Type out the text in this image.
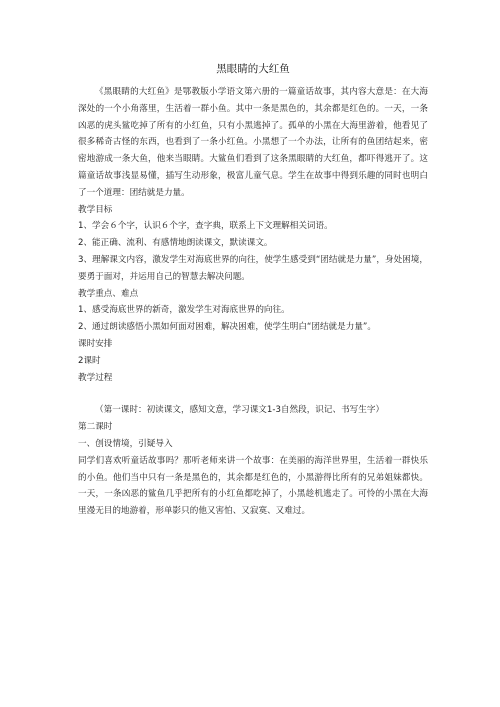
黑眼睛的大红鱼

《黑眼睛的大红鱼》是鄂教版小学语文第六册的一篇童话故事，其内容大意是：在大海深处的一个小角落里，生活着一群小鱼。其中一条是黑色的，其余都是红色的。一天，一条凶恶的虎头鲨吃掉了所有的小红鱼，只有小黑逃掉了。孤单的小黑在大海里游着，他看见了很多稀奇古怪的东西，也看到了一条小红鱼。小黑想了一个办法，让所有的鱼团结起来，密密地游成一条大鱼，他来当眼睛。大鲨鱼们看到了这条黑眼睛的大红鱼，都吓得逃开了。这篇童话故事浅显易懂，插写生动形象，极富儿童气息。学生在故事中得到乐趣的同时也明白了一个道理：团结就是力量。

教学目标

1、学会６个字，认识６个字，查字典，联系上下文理解相关词语。

2、能正确、流利、有感情地朗读课文，默读课文。

3、理解课文内容，激发学生对海底世界的向往，使学生感受到“团结就是力量”，身处困境，要勇于面对，并运用自己的智慧去解决问题。

教学重点、难点

1、感受海底世界的新奇，激发学生对海底世界的向往。

2、通过朗读感悟小黑如何面对困难，解决困难，使学生明白“团结就是力量”。

课时安排

2课时

教学过程

（第一课时：初读课文，感知文意，学习课文1-3自然段，识记、书写生字）

第二课时

一、创设情境，引疑导入

同学们喜欢听童话故事吗？那听老师来讲一个故事：在美丽的海洋世界里，生活着一群快乐的小鱼。他们当中只有一条是黑色的，其余都是红色的，小黑游得比所有的兄弟姐妹都快。一天，一条凶恶的鲨鱼几乎把所有的小红鱼都吃掉了，小黑趁机逃走了。可怜的小黑在大海里漫无目的地游着，形单影只的他又害怕、又寂寞、又难过。
